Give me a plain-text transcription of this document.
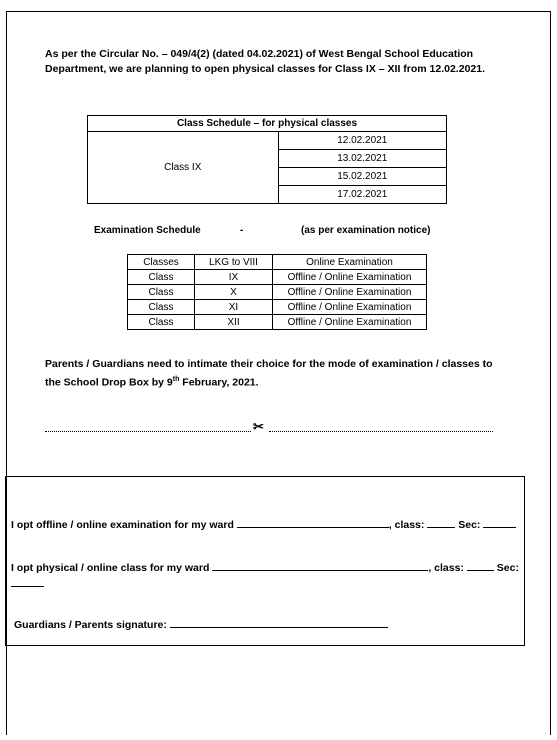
As per the Circular No. – 049/4(2) (dated 04.02.2021) of West Bengal School Education
Department, we are planning to open physical classes for Class IX – XII from 12.02.2021.
Class Schedule – for physical classes
Class IX	12.02.2021
13.02.2021
15.02.2021
17.02.2021
Examination Schedule	-	(as per examination notice)
Classes	LKG to VIII	Online Examination
Class	IX	Offline / Online Examination
Class	X	Offline / Online Examination
Class	XI	Offline / Online Examination
Class	XII	Offline / Online Examination
Parents / Guardians need to intimate their choice for the mode of examination / classes to
the School Drop Box by 9th February, 2021.
✂
I opt offline / online examination for my ward	, class:	Sec:
I opt physical / online class for my ward	, class:	Sec:
Guardians / Parents signature:
